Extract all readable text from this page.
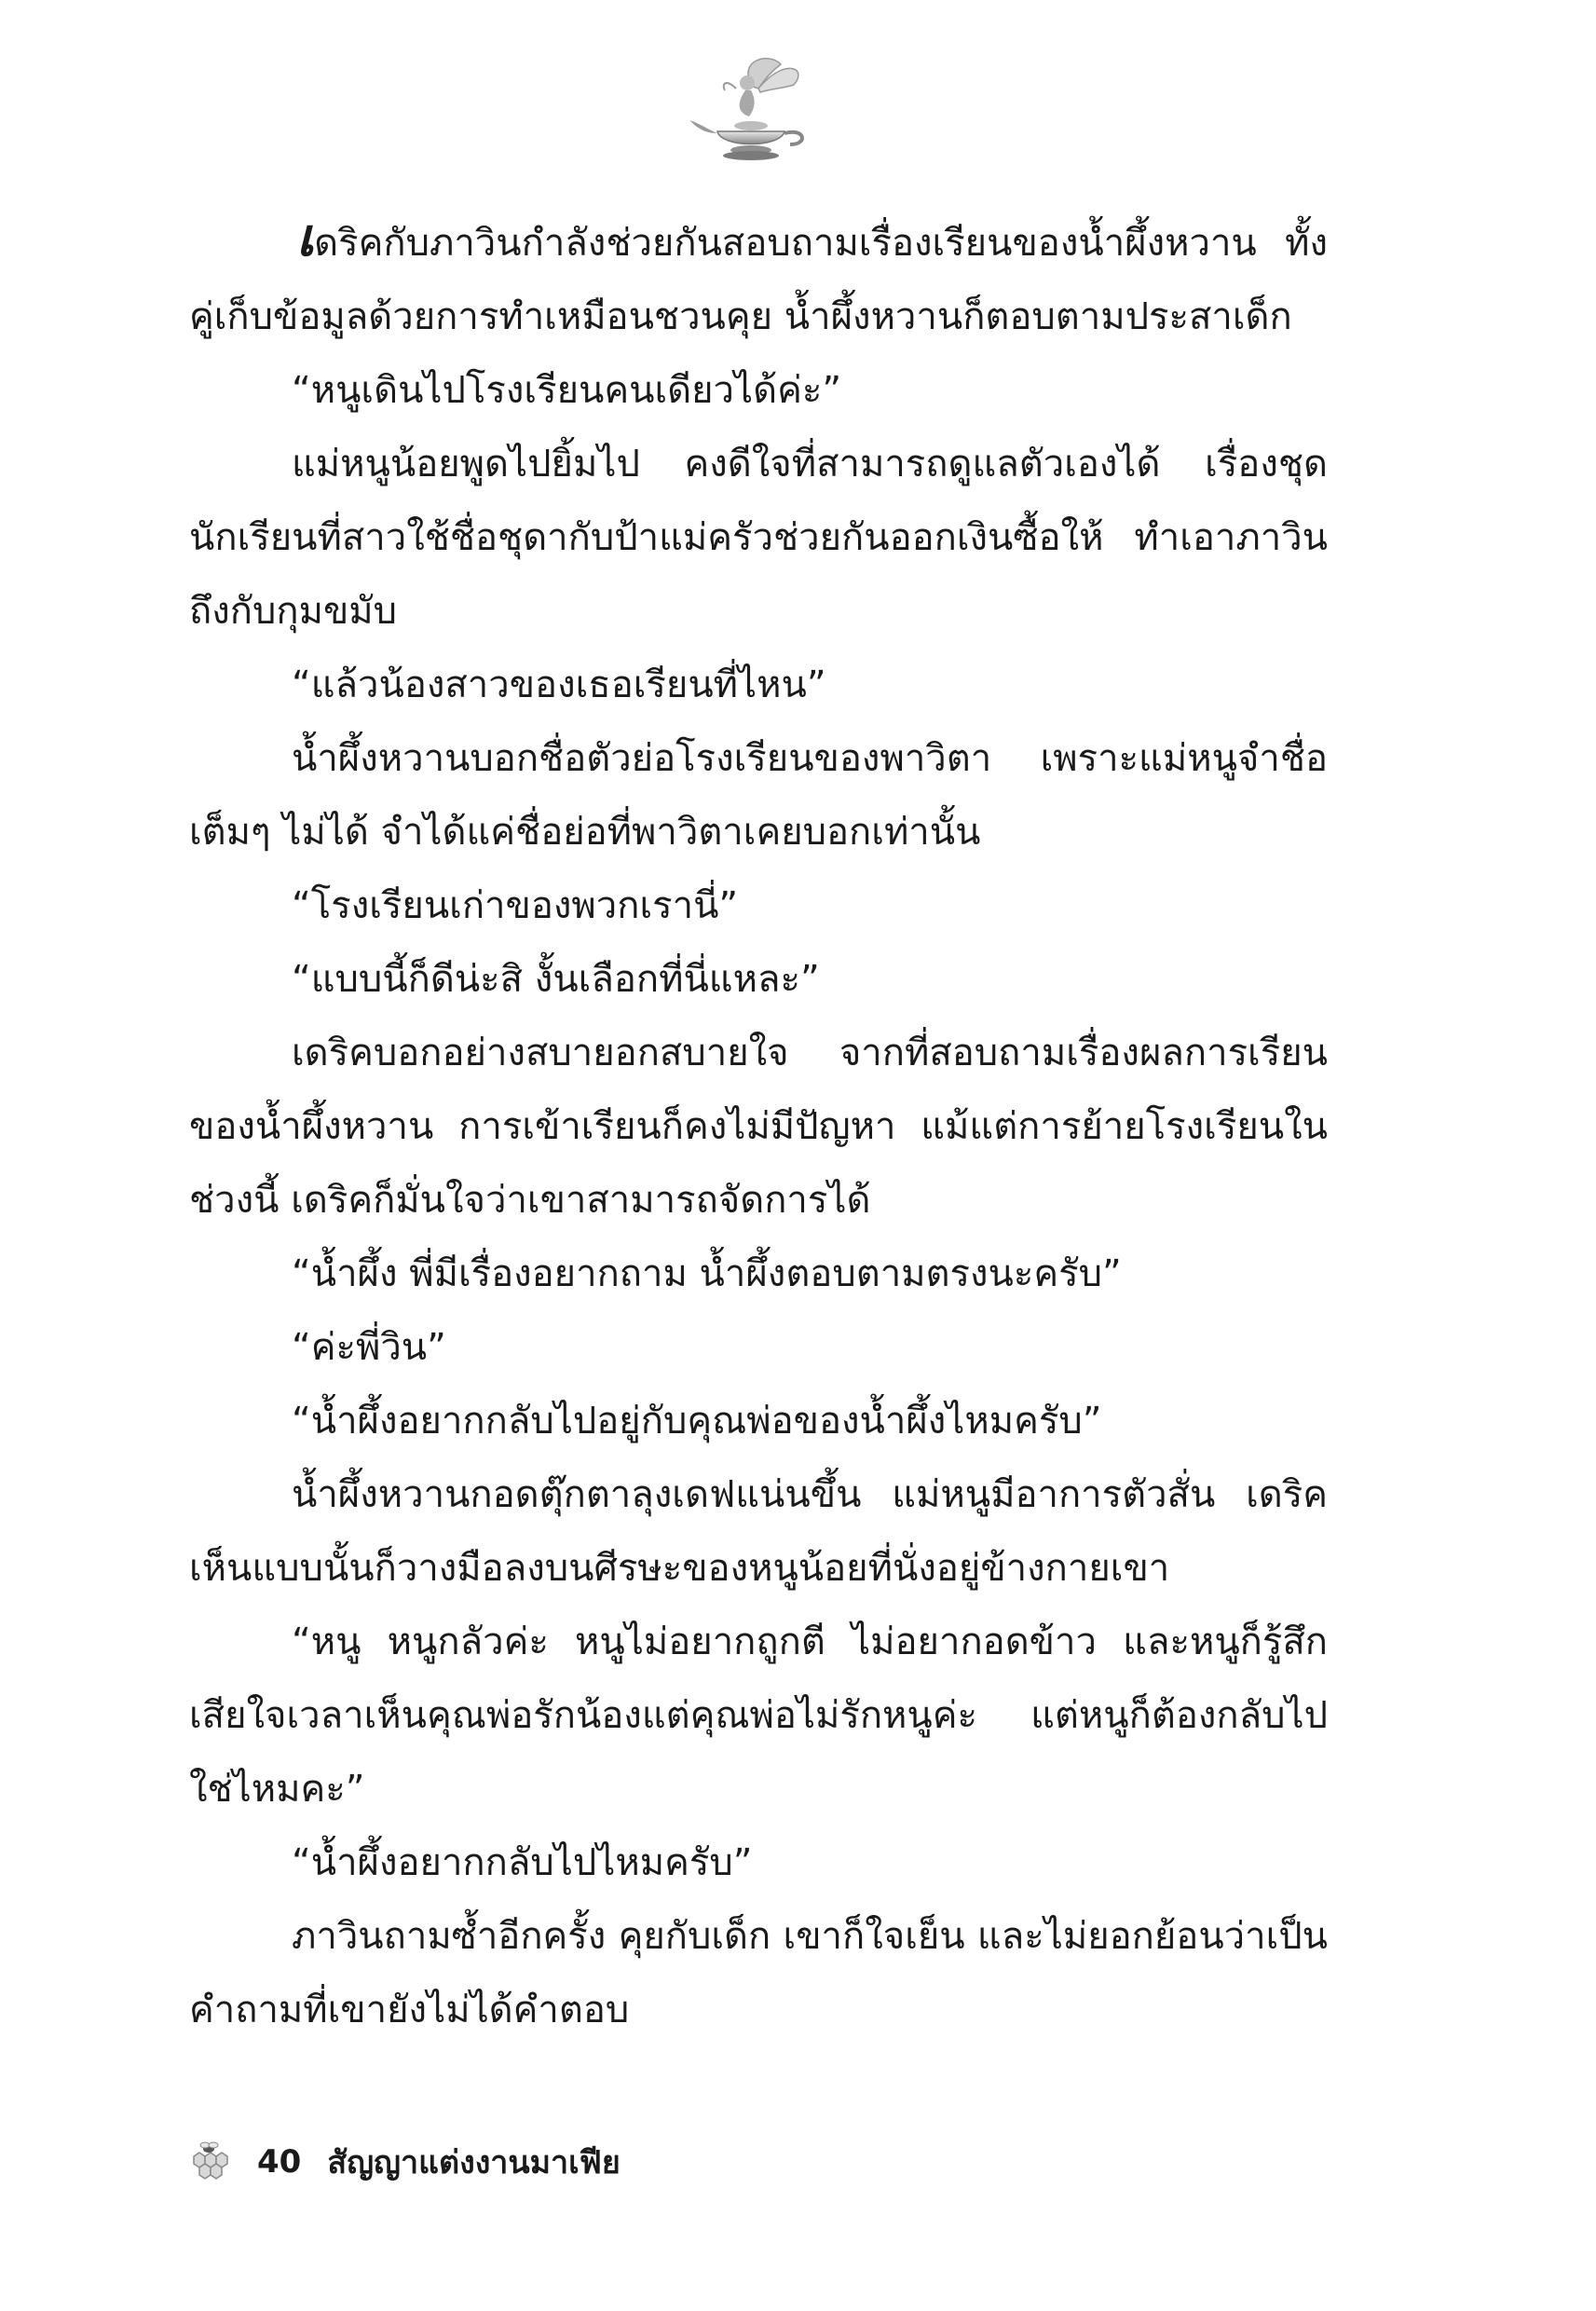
เดริคกับภาวินกำลังช่วยกันสอบถามเรื่องเรียนของน้ำผึ้งหวาน ทั้งคู่เก็บข้อมูลด้วยการทำเหมือนชวนคุย น้ำผึ้งหวานก็ตอบตามประสาเด็ก

“หนูเดินไปโรงเรียนคนเดียวได้ค่ะ”

แม่หนูน้อยพูดไปยิ้มไป คงดีใจที่สามารถดูแลตัวเองได้ เรื่องชุดนักเรียนที่สาวใช้ชื่อชุดากับป้าแม่ครัวช่วยกันออกเงินซื้อให้ ทำเอาภาวินถึงกับกุมขมับ

“แล้วน้องสาวของเธอเรียนที่ไหน”

น้ำผึ้งหวานบอกชื่อตัวย่อโรงเรียนของพาวิตา เพราะแม่หนูจำชื่อเต็มๆ ไม่ได้ จำได้แค่ชื่อย่อที่พาวิตาเคยบอกเท่านั้น

“โรงเรียนเก่าของพวกเรานี่”

“แบบนี้ก็ดีน่ะสิ งั้นเลือกที่นี่แหละ”

เดริคบอกอย่างสบายอกสบายใจ จากที่สอบถามเรื่องผลการเรียนของน้ำผึ้งหวาน การเข้าเรียนก็คงไม่มีปัญหา แม้แต่การย้ายโรงเรียนในช่วงนี้ เดริคก็มั่นใจว่าเขาสามารถจัดการได้

“น้ำผึ้ง พี่มีเรื่องอยากถาม น้ำผึ้งตอบตามตรงนะครับ”

“ค่ะพี่วิน”

“น้ำผึ้งอยากกลับไปอยู่กับคุณพ่อของน้ำผึ้งไหมครับ”

น้ำผึ้งหวานกอดตุ๊กตาลุงเดฟแน่นขึ้น แม่หนูมีอาการตัวสั่น เดริคเห็นแบบนั้นก็วางมือลงบนศีรษะของหนูน้อยที่นั่งอยู่ข้างกายเขา

“หนู หนูกลัวค่ะ หนูไม่อยากถูกตี ไม่อยากอดข้าว และหนูก็รู้สึกเสียใจเวลาเห็นคุณพ่อรักน้องแต่คุณพ่อไม่รักหนูค่ะ แต่หนูก็ต้องกลับไปใช่ไหมคะ”

“น้ำผึ้งอยากกลับไปไหมครับ”

ภาวินถามซ้ำอีกครั้ง คุยกับเด็ก เขาก็ใจเย็น และไม่ยอกย้อนว่าเป็นคำถามที่เขายังไม่ได้คำตอบ

40 สัญญาแต่งงานมาเฟีย
